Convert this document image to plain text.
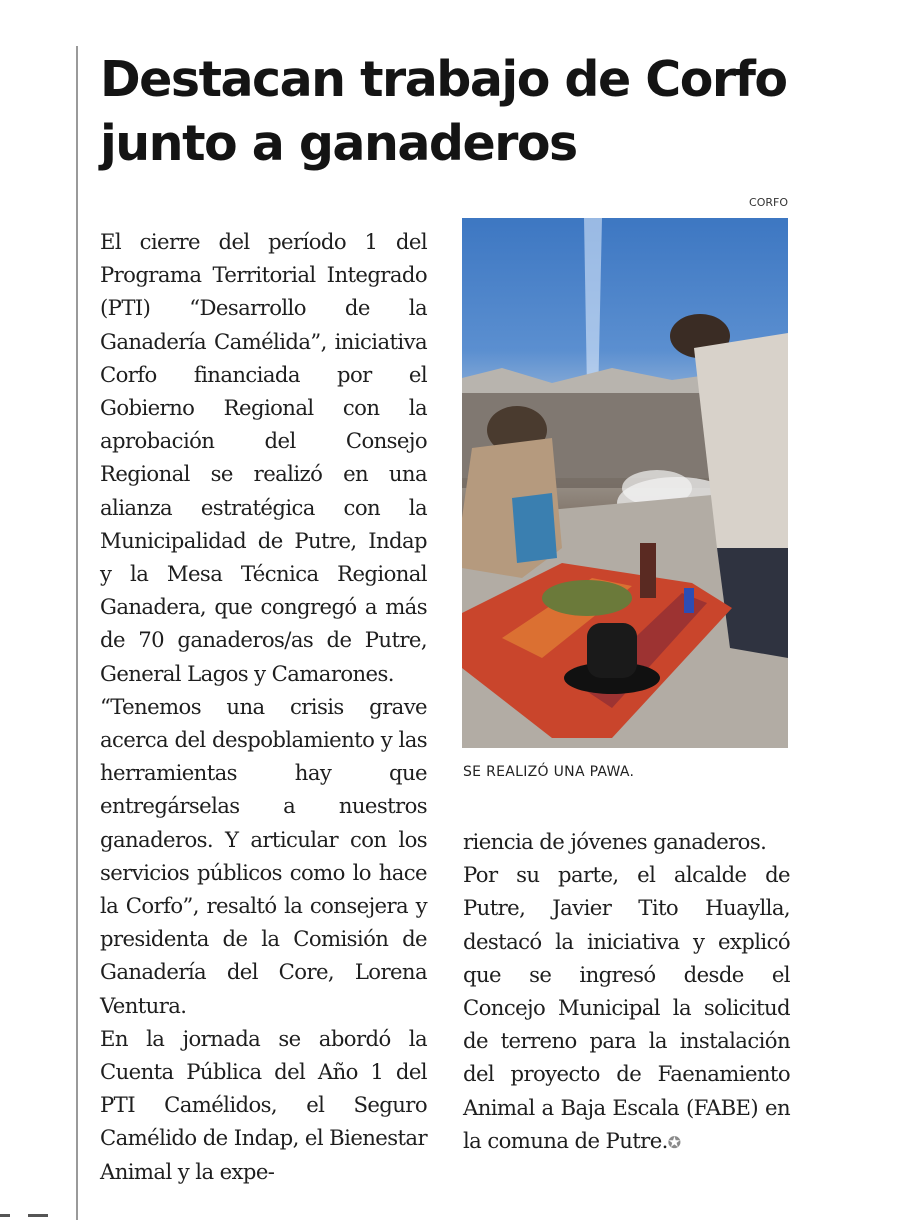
Destacan trabajo de Corfo junto a ganaderos
CORFO

El cierre del período 1 del Programa Territorial Integrado (PTI) “Desarrollo de la Ganadería Camélida”, iniciativa Corfo financiada por el Gobierno Regional con la aprobación del Consejo Regional se realizó en una alianza estratégica con la Municipalidad de Putre, Indap y la Mesa Técnica Regional Ganadera, que congregó a más de 70 ganaderos/as de Putre, General Lagos y Camarones.

“Tenemos una crisis grave acerca del despoblamiento y las herramientas hay que entregárselas a nuestros ganaderos. Y articular con los servicios públicos como lo hace la Corfo”, resaltó la consejera y presidenta de la Comisión de Ganadería del Core, Lorena Ventura.

En la jornada se abordó la Cuenta Pública del Año 1 del PTI Camélidos, el Seguro Camélido de Indap, el Bienestar Animal y la expe-

SE REALIZÓ UNA PAWA.

riencia de jóvenes ganaderos.

Por su parte, el alcalde de Putre, Javier Tito Huaylla, destacó la iniciativa y explicó que se ingresó desde el Concejo Municipal la solicitud de terreno para la instalación del proyecto de Faenamiento Animal a Baja Escala (FABE) en la comuna de Putre.✪
